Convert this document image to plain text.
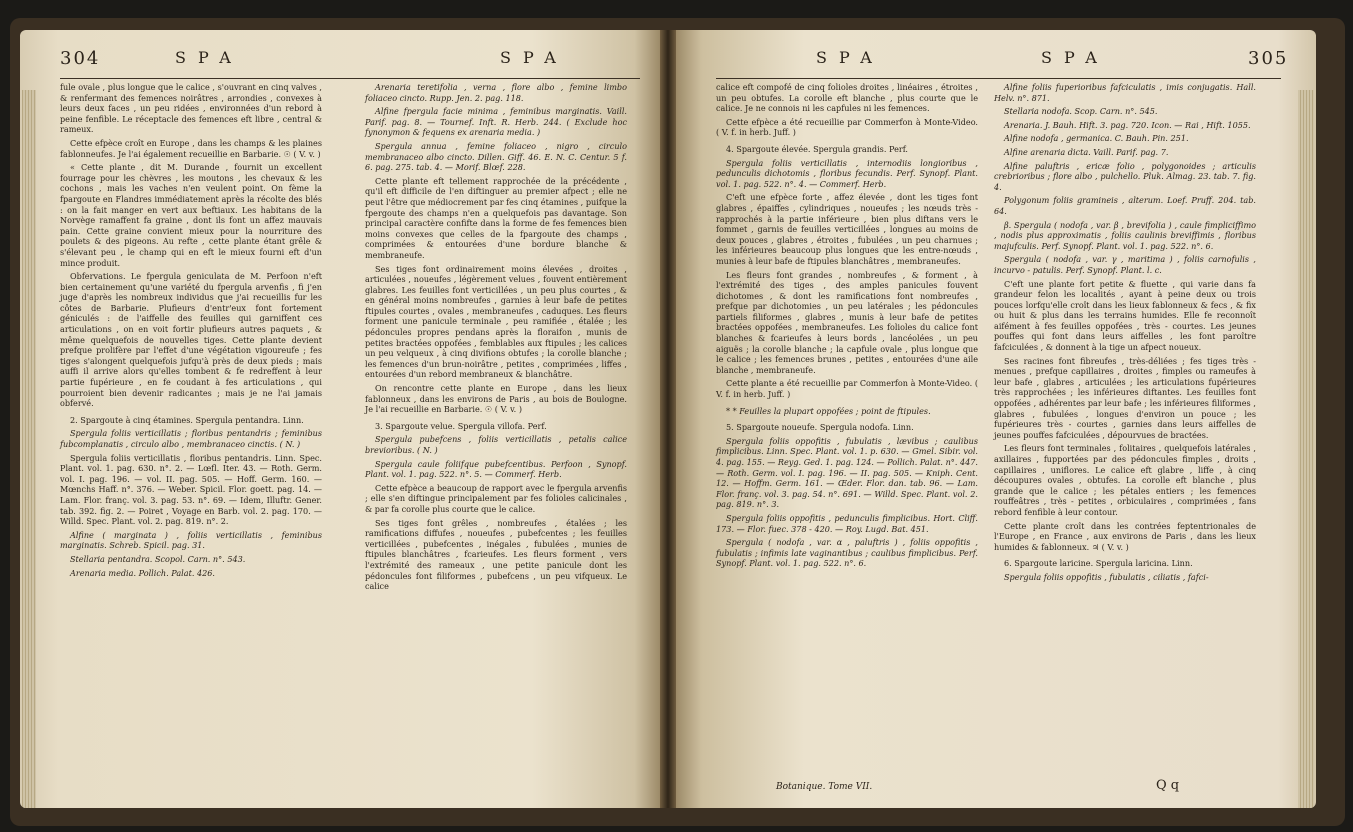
304	SPA	SPA

fule ovale , plus longue que le calice , s'ouvrant en cinq valves , & renfermant des femences noirâtres , arrondies , convexes à leurs deux faces , un peu ridées , environnées d'un rebord à peine fenfible. Le réceptacle des femences eft libre , central & rameux.

Cette efpèce croît en Europe , dans les champs & les plaines fablonneufes. Je l'ai également recueillie en Barbarie. ☉ ( V. v. )

« Cette plante , dit M. Durande , fournit un excellent fourrage pour les chèvres , les moutons , les chevaux & les cochons , mais les vaches n'en veulent point. On fème la fpargoute en Flandres immédiatement après la récolte des blés : on la fait manger en vert aux beftiaux. Les habitans de la Norvège ramaffent fa graine , dont ils font un affez mauvais pain. Cette graine convient mieux pour la nourriture des poulets & des pigeons. Au refte , cette plante étant grêle & s'élevant peu , le champ qui en eft le mieux fourni eft d'un mince produit.

Obfervations. Le fpergula geniculata de M. Perfoon n'eft bien certainement qu'une variété du fpergula arvenfis , fi j'en juge d'après les nombreux individus que j'ai recueillis fur les côtes de Barbarie. Plufieurs d'entr'eux font fortement géniculés : de l'aiffelle des feuilles qui garniffent ces articulations , on en voit fortir plufieurs autres paquets , & même quelquefois de nouvelles tiges. Cette plante devient prefque prolifère par l'effet d'une végétation vigoureufe ; fes tiges s'alongent quelquefois jufqu'à près de deux pieds ; mais auffi il arrive alors qu'elles tombent & fe redreffent à leur partie fupérieure , en fe coudant à fes articulations , qui pourroient bien devenir radicantes ; mais je ne l'ai jamais obfervé.

2. Spargoute à cinq étamines. Spergula pentandra. Linn.

Spergula foliis verticillatis ; floribus pentandris ; feminibus fubcomplanatis , circulo albo , membranaceo cinctis. ( N. )

Spergula foliis verticillatis , floribus pentandris. Linn. Spec. Plant. vol. 1. pag. 630. n°. 2. — Lœfl. Iter. 43. — Roth. Germ. vol. I. pag. 196. — vol. II. pag. 505. — Hoff. Germ. 160. — Mœnchs Haff. n°. 376. — Weber. Spicil. Flor. goett. pag. 14. — Lam. Flor. franç. vol. 3. pag. 53. n°. 69. — Idem, Illuftr. Gener. tab. 392. fig. 2. — Poiret , Voyage en Barb. vol. 2. pag. 170. — Willd. Spec. Plant. vol. 2. pag. 819. n°. 2.

Alfine ( marginata ) , foliis verticillatis , feminibus marginatis. Schreb. Spicil. pag. 31.

Stellaria pentandra. Scopol. Carn. n°. 543.

Arenaria media. Pollich. Palat. 426.

Arenaria teretifolia , verna , flore albo , femine limbo foliaceo cincto. Rupp. Jen. 2. pag. 118.

Alfine fpergula facie minima , feminibus marginatis. Vaill. Parif. pag. 8. — Tournef. Inft. R. Herb. 244. ( Exclude hoc fynonymon & fequens ex arenaria media. )

Spergula annua , femine foliaceo , nigro , circulo membranaceo albo cincto. Dillen. Giff. 46. E. N. C. Centur. 5 f. 6. pag. 275. tab. 4. — Morif. Blœf. 228.

Cette plante eft tellement rapprochée de la précédente , qu'il eft difficile de l'en diftinguer au premier afpect ; elle ne peut l'être que médiocrement par fes cinq étamines , puifque la fpergoute des champs n'en a quelquefois pas davantage. Son principal caractère confifte dans la forme de fes femences bien moins convexes que celles de la fpargoute des champs , comprimées & entourées d'une bordure blanche & membraneufe.

Ses tiges font ordinairement moins élevées , droites , articulées , noueufes , légèrement velues , fouvent entièrement glabres. Les feuilles font verticillées , un peu plus courtes , & en général moins nombreufes , garnies à leur bafe de petites ftipules courtes , ovales , membraneufes , caduques. Les fleurs forment une panicule terminale , peu ramifiée , étalée ; les pédoncules propres pendans après la floraifon , munis de petites bractées oppofées , femblables aux ftipules ; les calices un peu velqueux , à cinq divifions obtufes ; la corolle blanche ; les femences d'un brun-noirâtre , petites , comprimées , liffes , entourées d'un rebord membraneux & blanchâtre.

On rencontre cette plante en Europe , dans les lieux fablonneux , dans les environs de Paris , au bois de Boulogne. Je l'ai recueillie en Barbarie. ☉ ( V. v. )

3. Spargoute velue. Spergula villofa. Perf.

Spergula pubefcens , foliis verticillatis , petalis calice brevioribus. ( N. )

Spergula caule foliifque pubefcentibus. Perfoon , Synopf. Plant. vol. 1. pag. 522. n°. 5. — Commerf. Herb.

Cette efpèce a beaucoup de rapport avec le fpergula arvenfis ; elle s'en diftingue principalement par fes folioles calicinales , & par fa corolle plus courte que le calice.

Ses tiges font grêles , nombreufes , étalées ; les ramifications diffufes , noueufes , pubefcentes ; les feuilles verticillées , pubefcentes , inégales , fubulées , munies de ftipules blanchâtres , fcarieufes. Les fleurs forment , vers l'extrémité des rameaux , une petite panicule dont les pédoncules font filiformes , pubefcens , un peu vifqueux. Le calice

SPA	SPA	305

calice eft compofé de cinq folioles droites , linéaires , étroites , un peu obtufes. La corolle eft blanche , plus courte que le calice. Je ne connois ni les capfules ni les femences.

Cette efpèce a été recueillie par Commerfon à Monte-Video. ( V. f. in herb. Juff. )

4. Spargoute élevée. Spergula grandis. Perf.

Spergula foliis verticillatis , internodiis longioribus , pedunculis dichotomis , floribus fecundis. Perf. Synopf. Plant. vol. 1. pag. 522. n°. 4. — Commerf. Herb.

C'eft une efpèce forte , affez élevée , dont les tiges font glabres , épaiffes , cylindriques , noueufes ; les nœuds très - rapprochés à la partie inférieure , bien plus diftans vers le fommet , garnis de feuilles verticillées , longues au moins de deux pouces , glabres , étroites , fubulées , un peu charnues ; les inférieures beaucoup plus longues que les entre-nœuds , munies à leur bafe de ftipules blanchâtres , membraneufes.

Les fleurs font grandes , nombreufes , & forment , à l'extrémité des tiges , des amples panicules fouvent dichotomes , & dont les ramifications font nombreufes , prefque par dichotomies , un peu latérales ; les pédoncules partiels filiformes , glabres , munis à leur bafe de petites bractées oppofées , membraneufes. Les folioles du calice font blanches & fcarieufes à leurs bords , lancéolées , un peu aiguës ; la corolle blanche ; la capfule ovale , plus longue que le calice ; les femences brunes , petites , entourées d'une aile blanche , membraneufe.

Cette plante a été recueillie par Commerfon à Monte-Video. ( V. f. in herb. Juff. )

* * Feuilles la plupart oppofées ; point de ftipules.

5. Spargoute noueufe. Spergula nodofa. Linn.

Spergula foliis oppofitis , fubulatis , lævibus ; caulibus fimplicibus. Linn. Spec. Plant. vol. 1. p. 630. — Gmel. Sibir. vol. 4. pag. 155. — Reyg. Ged. 1. pag. 124. — Pollich. Palat. n°. 447. — Roth. Germ. vol. I. pag. 196. — II. pag. 505. — Kniph. Cent. 12. — Hoffm. Germ. 161. — Œder. Flor. dan. tab. 96. — Lam. Flor. franç. vol. 3. pag. 54. n°. 691. — Willd. Spec. Plant. vol. 2. pag. 819. n°. 3.

Spergula foliis oppofitis , pedunculis fimplicibus. Hort. Cliff. 173. — Flor. fuec. 378 - 420. — Roy. Lugd. Bat. 451.

Spergula ( nodofa , var. α , paluftris ) , foliis oppofitis , fubulatis ; infimis late vaginantibus ; caulibus fimplicibus. Perf. Synopf. Plant. vol. 1. pag. 522. n°. 6.

Alfine foliis fuperioribus fafciculatis , imis conjugatis. Hall. Helv. n°. 871.

Stellaria nodofa. Scop. Carn. n°. 545.

Arenaria. J. Bauh. Hift. 3. pag. 720. Icon. — Rai , Hift. 1055.

Alfine nodofa , germanica. C. Bauh. Pin. 251.

Alfine arenaria dicta. Vaill. Parif. pag. 7.

Alfine paluftris , ericæ folio , polygonoides ; articulis crebrioribus ; flore albo , pulchello. Pluk. Almag. 23. tab. 7. fig. 4.

Polygonum foliis gramineis , alterum. Loef. Pruff. 204. tab. 64.

β. Spergula ( nodofa , var. β , brevifolia ) , caule fimpliciffimo , nodis plus approximatis , foliis caulinis breviffimis , floribus majufculis. Perf. Synopf. Plant. vol. 1. pag. 522. n°. 6.

Spergula ( nodofa , var. γ , maritima ) , foliis carnofulis , incurvo - patulis. Perf. Synopf. Plant. l. c.

C'eft une plante fort petite & fluette , qui varie dans fa grandeur felon les localités , ayant à peine deux ou trois pouces lorfqu'elle croît dans les lieux fablonneux & fecs , & fix ou huit & plus dans les terrains humides. Elle fe reconnoît aifément à fes feuilles oppofées , très - courtes. Les jeunes pouffes qui font dans leurs aiffelles , les font paroître fafciculées , & donnent à la tige un afpect noueux.

Ses racines font fibreufes , très-déliées ; fes tiges très - menues , prefque capillaires , droites , fimples ou rameufes à leur bafe , glabres , articulées ; les articulations fupérieures très rapprochées ; les inférieures diftantes. Les feuilles font oppofées , adhérentes par leur bafe ; les inférieures filiformes , glabres , fubulées , longues d'environ un pouce ; les fupérieures très - courtes , garnies dans leurs aiffelles de jeunes pouffes fafciculées , dépourvues de bractées.

Les fleurs font terminales , folitaires , quelquefois latérales , axillaires , fupportées par des pédoncules fimples , droits , capillaires , uniflores. Le calice eft glabre , liffe , à cinq découpures ovales , obtufes. La corolle eft blanche , plus grande que le calice ; les pétales entiers ; les femences rouffeâtres , très - petites , orbiculaires , comprimées , fans rebord fenfible à leur contour.

Cette plante croît dans les contrées feptentrionales de l'Europe , en France , aux environs de Paris , dans les lieux humides & fablonneux. ♃ ( V. v. )

6. Spargoute laricine. Spergula laricina. Linn.

Spergula foliis oppofitis , fubulatis , ciliatis , fafci-

Botanique. Tome VII.	Q q
